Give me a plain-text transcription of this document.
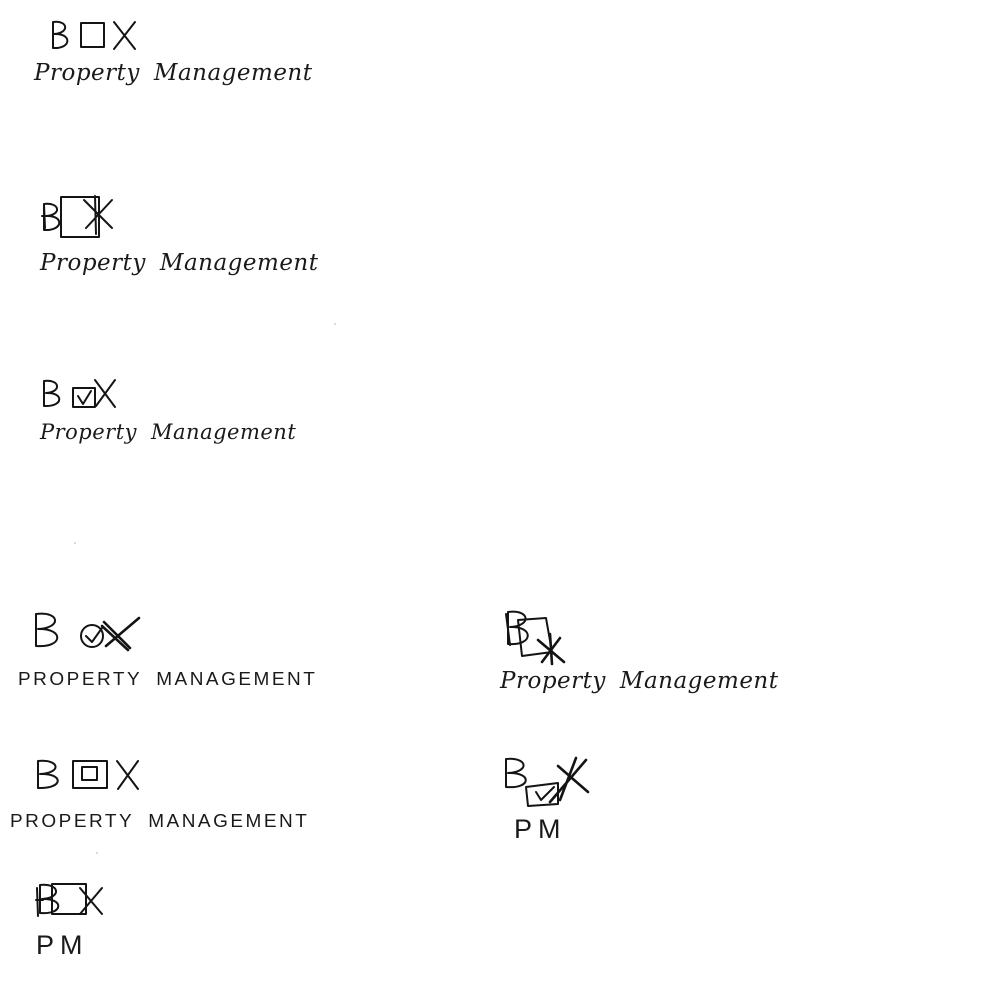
Property Management
Property Management
Property Management
PROPERTY MANAGEMENT	Property Management
PROPERTY MANAGEMENT	PM
PM
